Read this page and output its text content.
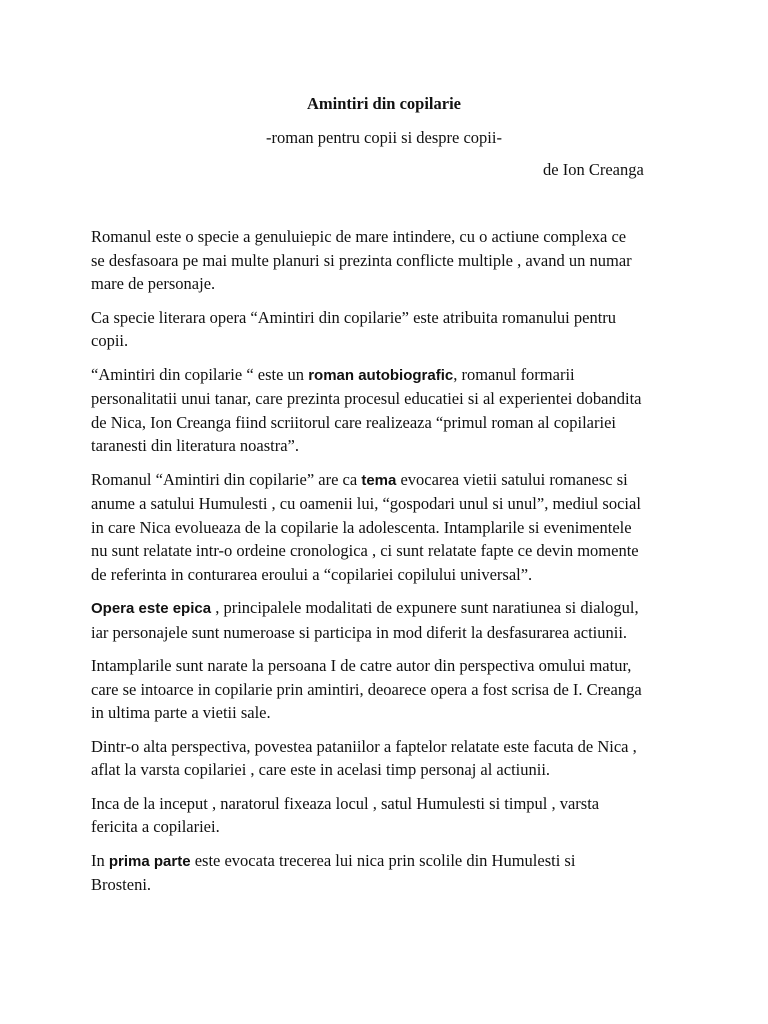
Amintiri din copilarie
-roman pentru copii si despre copii-
de Ion Creanga

Romanul este o specie a genuluiepic de mare intindere, cu o actiune complexa ce
se desfasoara pe mai multe planuri si prezinta conflicte multiple , avand un numar
mare de personaje.

Ca specie literara opera “Amintiri din copilarie” este atribuita romanului pentru
copii.

“Amintiri din copilarie “ este un roman autobiografic, romanul formarii
personalitatii unui tanar, care prezinta procesul educatiei si al experientei dobandita
de Nica, Ion Creanga fiind scriitorul care realizeaza “primul roman al copilariei
taranesti din literatura noastra”.

Romanul “Amintiri din copilarie” are ca tema evocarea vietii satului romanesc si
anume a satului Humulesti , cu oamenii lui, “gospodari unul si unul”, mediul social
in care Nica evolueaza de la copilarie la adolescenta. Intamplarile si evenimentele
nu sunt relatate intr-o ordeine cronologica , ci sunt relatate fapte ce devin momente
de referinta in conturarea eroului a “copilariei copilului universal”.

Opera este epica , principalele modalitati de expunere sunt naratiunea si dialogul,
iar personajele sunt numeroase si participa in mod diferit la desfasurarea actiunii.

Intamplarile sunt narate la persoana I de catre autor din perspectiva omului matur,
care se intoarce in copilarie prin amintiri, deoarece opera a fost scrisa de I. Creanga
in ultima parte a vietii sale.

Dintr-o alta perspectiva, povestea pataniilor a faptelor relatate este facuta de Nica ,
aflat la varsta copilariei , care este in acelasi timp personaj al actiunii.

Inca de la inceput , naratorul fixeaza locul , satul Humulesti si timpul , varsta
fericita a copilariei.

In prima parte este evocata trecerea lui nica prin scolile din Humulesti si
Brosteni.
